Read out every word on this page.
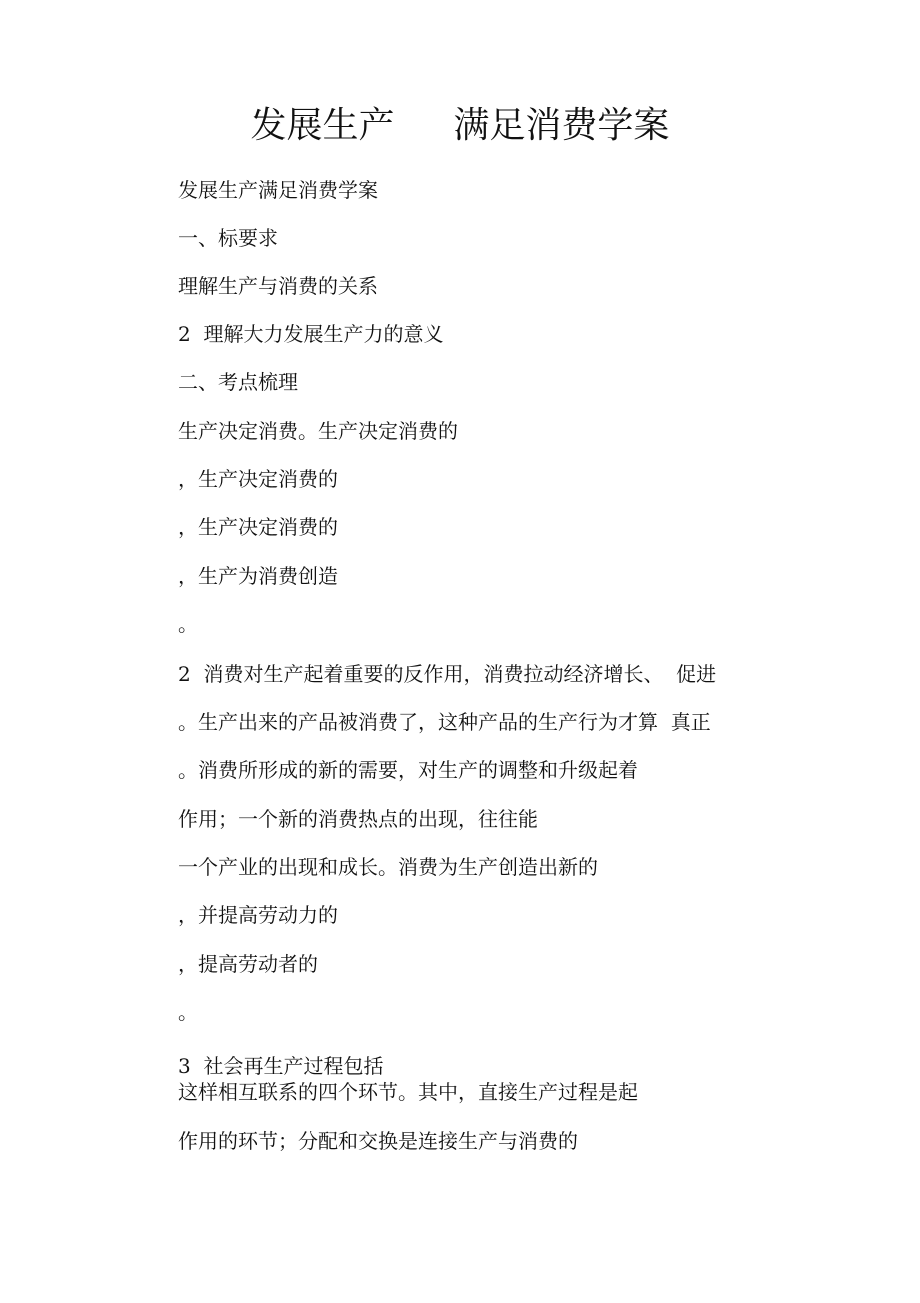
发展生产  满足消费学案

发展生产满足消费学案

一、标要求

理解生产与消费的关系

2  理解大力发展生产力的意义

二、考点梳理

生产决定消费。生产决定消费的

，生产决定消费的

，生产决定消费的

，生产为消费创造

。

2  消费对生产起着重要的反作用，消费拉动经济增长、  促进

。生产出来的产品被消费了，这种产品的生产行为才算  真正

。消费所形成的新的需要，对生产的调整和升级起着

作用；一个新的消费热点的出现，往往能

一个产业的出现和成长。消费为生产创造出新的

，并提高劳动力的

，提高劳动者的

。

3  社会再生产过程包括

这样相互联系的四个环节。其中，直接生产过程是起

作用的环节；分配和交换是连接生产与消费的
